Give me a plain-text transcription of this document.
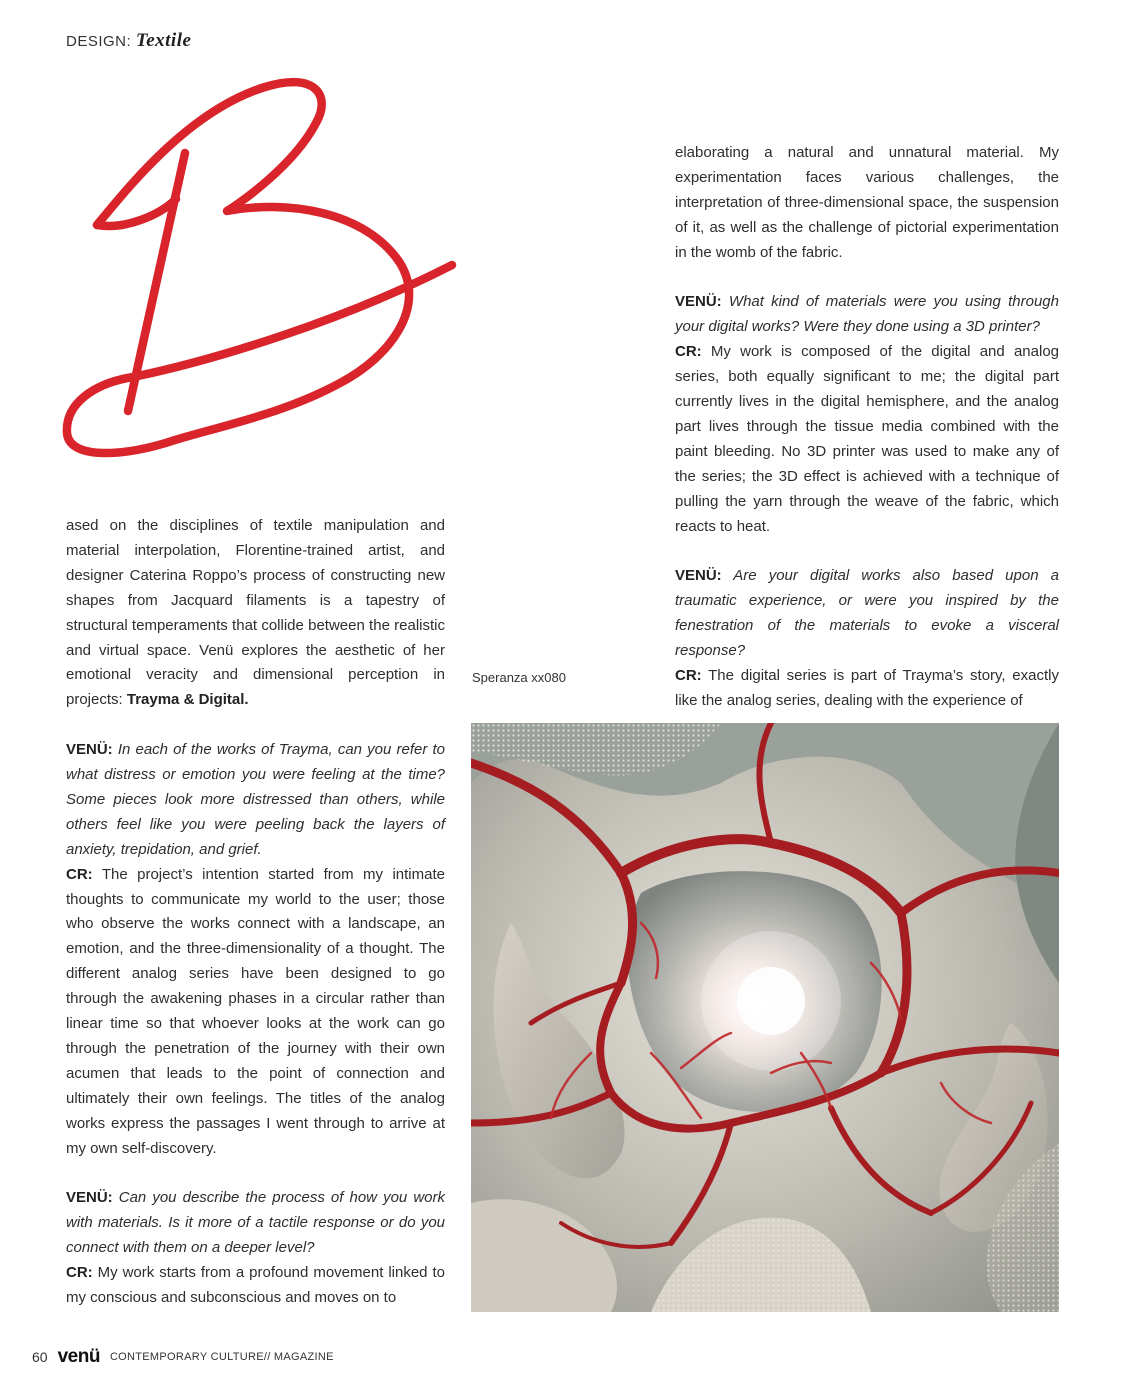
DESIGN: Textile

ased on the disciplines of textile manipulation and material interpolation, Florentine-trained artist, and designer Caterina Roppo’s process of constructing new shapes from Jacquard filaments is a tapestry of structural temperaments that collide between the realistic and virtual space. Venü explores the aesthetic of her emotional veracity and dimensional perception in projects: Trayma & Digital.

VENÜ: In each of the works of Trayma, can you refer to what distress or emotion you were feeling at the time? Some pieces look more distressed than others, while others feel like you were peeling back the layers of anxiety, trepidation, and grief.

CR: The project’s intention started from my intimate thoughts to communicate my world to the user; those who observe the works connect with a landscape, an emotion, and the three-dimensionality of a thought. The different analog series have been designed to go through the awakening phases in a circular rather than linear time so that whoever looks at the work can go through the penetration of the journey with their own acumen that leads to the point of connection and ultimately their own feelings. The titles of the analog works express the passages I went through to arrive at my own self-discovery.

VENÜ: Can you describe the process of how you work with materials. Is it more of a tactile response or do you connect with them on a deeper level?

CR: My work starts from a profound movement linked to my conscious and subconscious and moves on to

elaborating a natural and unnatural material. My experimentation faces various challenges, the interpretation of three-dimensional space, the suspension of it, as well as the challenge of pictorial experimentation in the womb of the fabric.

VENÜ: What kind of materials were you using through your digital works? Were they done using a 3D printer?

CR: My work is composed of the digital and analog series, both equally significant to me; the digital part currently lives in the digital hemisphere, and the analog part lives through the tissue media combined with the paint bleeding. No 3D printer was used to make any of the series; the 3D effect is achieved with a technique of pulling the yarn through the weave of the fabric, which reacts to heat.

VENÜ: Are your digital works also based upon a traumatic experience, or were you inspired by the fenestration of the materials to evoke a visceral response?

CR: The digital series is part of Trayma’s story, exactly like the analog series, dealing with the experience of

Speranza xx080
60 venü CONTEMPORARY CULTURE// MAGAZINE
